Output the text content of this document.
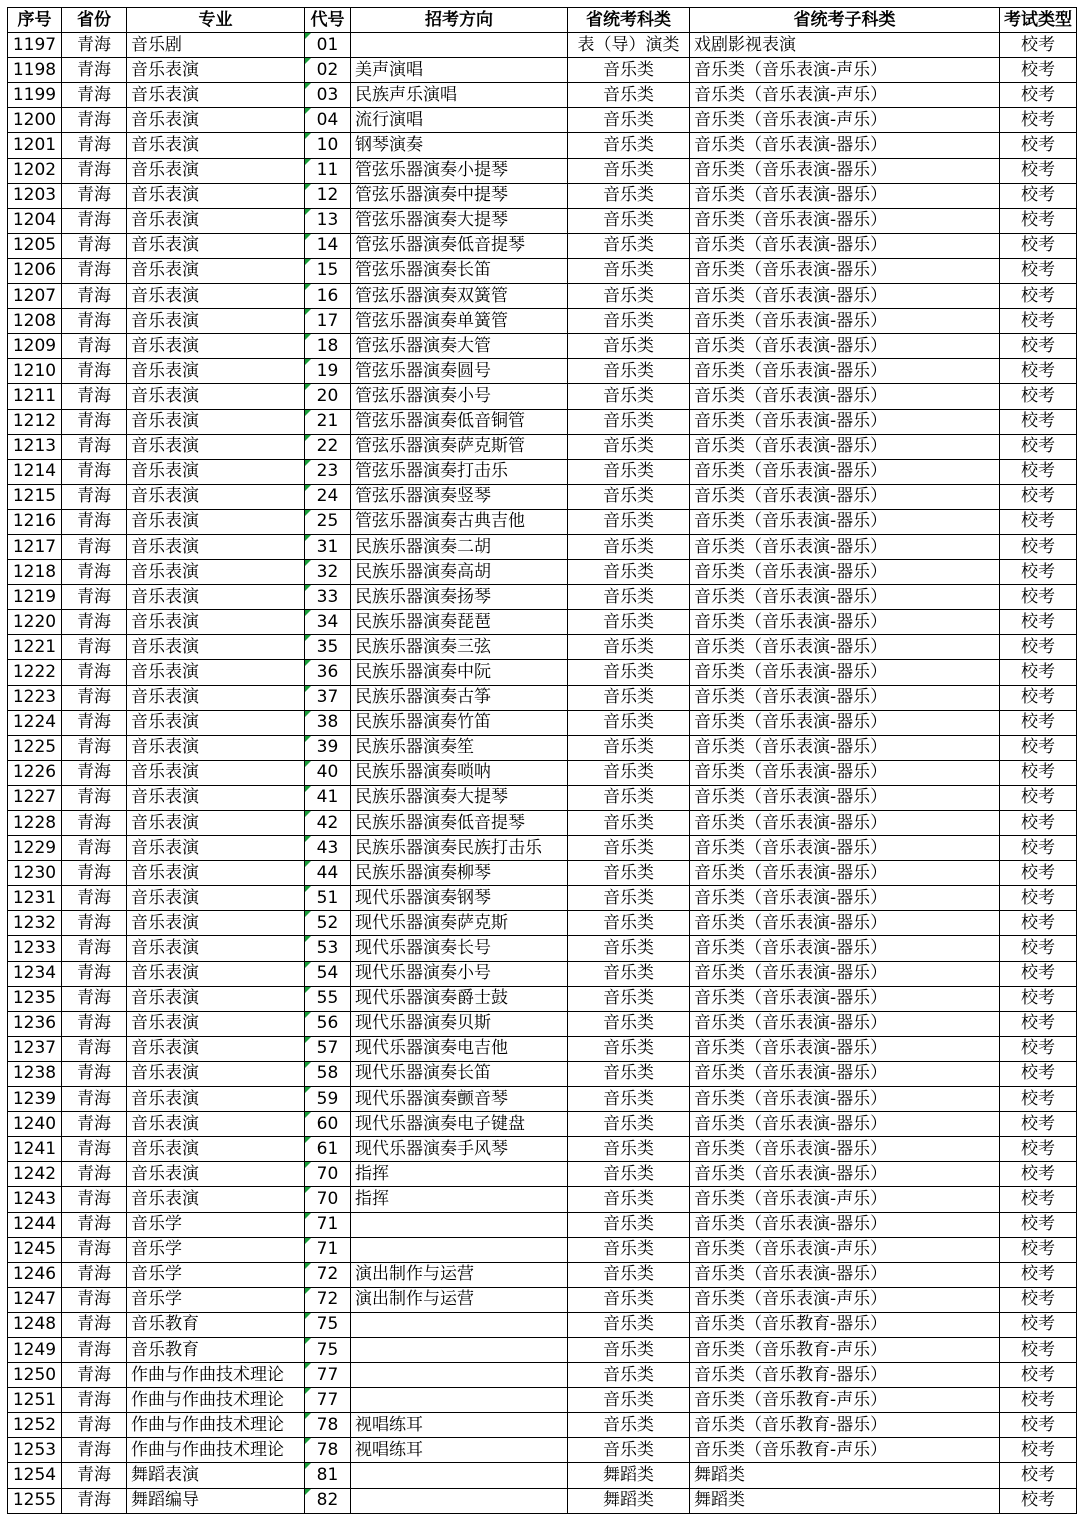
序号	省份	专业	代号	招考方向	省统考科类	省统考子科类	考试类型
1197	青海	音乐剧	01		表（导）演类	戏剧影视表演	校考
1198	青海	音乐表演	02	美声演唱	音乐类	音乐类（音乐表演-声乐）	校考
1199	青海	音乐表演	03	民族声乐演唱	音乐类	音乐类（音乐表演-声乐）	校考
1200	青海	音乐表演	04	流行演唱	音乐类	音乐类（音乐表演-声乐）	校考
1201	青海	音乐表演	10	钢琴演奏	音乐类	音乐类（音乐表演-器乐）	校考
1202	青海	音乐表演	11	管弦乐器演奏小提琴	音乐类	音乐类（音乐表演-器乐）	校考
1203	青海	音乐表演	12	管弦乐器演奏中提琴	音乐类	音乐类（音乐表演-器乐）	校考
1204	青海	音乐表演	13	管弦乐器演奏大提琴	音乐类	音乐类（音乐表演-器乐）	校考
1205	青海	音乐表演	14	管弦乐器演奏低音提琴	音乐类	音乐类（音乐表演-器乐）	校考
1206	青海	音乐表演	15	管弦乐器演奏长笛	音乐类	音乐类（音乐表演-器乐）	校考
1207	青海	音乐表演	16	管弦乐器演奏双簧管	音乐类	音乐类（音乐表演-器乐）	校考
1208	青海	音乐表演	17	管弦乐器演奏单簧管	音乐类	音乐类（音乐表演-器乐）	校考
1209	青海	音乐表演	18	管弦乐器演奏大管	音乐类	音乐类（音乐表演-器乐）	校考
1210	青海	音乐表演	19	管弦乐器演奏圆号	音乐类	音乐类（音乐表演-器乐）	校考
1211	青海	音乐表演	20	管弦乐器演奏小号	音乐类	音乐类（音乐表演-器乐）	校考
1212	青海	音乐表演	21	管弦乐器演奏低音铜管	音乐类	音乐类（音乐表演-器乐）	校考
1213	青海	音乐表演	22	管弦乐器演奏萨克斯管	音乐类	音乐类（音乐表演-器乐）	校考
1214	青海	音乐表演	23	管弦乐器演奏打击乐	音乐类	音乐类（音乐表演-器乐）	校考
1215	青海	音乐表演	24	管弦乐器演奏竖琴	音乐类	音乐类（音乐表演-器乐）	校考
1216	青海	音乐表演	25	管弦乐器演奏古典吉他	音乐类	音乐类（音乐表演-器乐）	校考
1217	青海	音乐表演	31	民族乐器演奏二胡	音乐类	音乐类（音乐表演-器乐）	校考
1218	青海	音乐表演	32	民族乐器演奏高胡	音乐类	音乐类（音乐表演-器乐）	校考
1219	青海	音乐表演	33	民族乐器演奏扬琴	音乐类	音乐类（音乐表演-器乐）	校考
1220	青海	音乐表演	34	民族乐器演奏琵琶	音乐类	音乐类（音乐表演-器乐）	校考
1221	青海	音乐表演	35	民族乐器演奏三弦	音乐类	音乐类（音乐表演-器乐）	校考
1222	青海	音乐表演	36	民族乐器演奏中阮	音乐类	音乐类（音乐表演-器乐）	校考
1223	青海	音乐表演	37	民族乐器演奏古筝	音乐类	音乐类（音乐表演-器乐）	校考
1224	青海	音乐表演	38	民族乐器演奏竹笛	音乐类	音乐类（音乐表演-器乐）	校考
1225	青海	音乐表演	39	民族乐器演奏笙	音乐类	音乐类（音乐表演-器乐）	校考
1226	青海	音乐表演	40	民族乐器演奏唢呐	音乐类	音乐类（音乐表演-器乐）	校考
1227	青海	音乐表演	41	民族乐器演奏大提琴	音乐类	音乐类（音乐表演-器乐）	校考
1228	青海	音乐表演	42	民族乐器演奏低音提琴	音乐类	音乐类（音乐表演-器乐）	校考
1229	青海	音乐表演	43	民族乐器演奏民族打击乐	音乐类	音乐类（音乐表演-器乐）	校考
1230	青海	音乐表演	44	民族乐器演奏柳琴	音乐类	音乐类（音乐表演-器乐）	校考
1231	青海	音乐表演	51	现代乐器演奏钢琴	音乐类	音乐类（音乐表演-器乐）	校考
1232	青海	音乐表演	52	现代乐器演奏萨克斯	音乐类	音乐类（音乐表演-器乐）	校考
1233	青海	音乐表演	53	现代乐器演奏长号	音乐类	音乐类（音乐表演-器乐）	校考
1234	青海	音乐表演	54	现代乐器演奏小号	音乐类	音乐类（音乐表演-器乐）	校考
1235	青海	音乐表演	55	现代乐器演奏爵士鼓	音乐类	音乐类（音乐表演-器乐）	校考
1236	青海	音乐表演	56	现代乐器演奏贝斯	音乐类	音乐类（音乐表演-器乐）	校考
1237	青海	音乐表演	57	现代乐器演奏电吉他	音乐类	音乐类（音乐表演-器乐）	校考
1238	青海	音乐表演	58	现代乐器演奏长笛	音乐类	音乐类（音乐表演-器乐）	校考
1239	青海	音乐表演	59	现代乐器演奏颤音琴	音乐类	音乐类（音乐表演-器乐）	校考
1240	青海	音乐表演	60	现代乐器演奏电子键盘	音乐类	音乐类（音乐表演-器乐）	校考
1241	青海	音乐表演	61	现代乐器演奏手风琴	音乐类	音乐类（音乐表演-器乐）	校考
1242	青海	音乐表演	70	指挥	音乐类	音乐类（音乐表演-器乐）	校考
1243	青海	音乐表演	70	指挥	音乐类	音乐类（音乐表演-声乐）	校考
1244	青海	音乐学	71		音乐类	音乐类（音乐表演-器乐）	校考
1245	青海	音乐学	71		音乐类	音乐类（音乐表演-声乐）	校考
1246	青海	音乐学	72	演出制作与运营	音乐类	音乐类（音乐表演-器乐）	校考
1247	青海	音乐学	72	演出制作与运营	音乐类	音乐类（音乐表演-声乐）	校考
1248	青海	音乐教育	75		音乐类	音乐类（音乐教育-器乐）	校考
1249	青海	音乐教育	75		音乐类	音乐类（音乐教育-声乐）	校考
1250	青海	作曲与作曲技术理论	77		音乐类	音乐类（音乐教育-器乐）	校考
1251	青海	作曲与作曲技术理论	77		音乐类	音乐类（音乐教育-声乐）	校考
1252	青海	作曲与作曲技术理论	78	视唱练耳	音乐类	音乐类（音乐教育-器乐）	校考
1253	青海	作曲与作曲技术理论	78	视唱练耳	音乐类	音乐类（音乐教育-声乐）	校考
1254	青海	舞蹈表演	81		舞蹈类	舞蹈类	校考
1255	青海	舞蹈编导	82		舞蹈类	舞蹈类	校考
